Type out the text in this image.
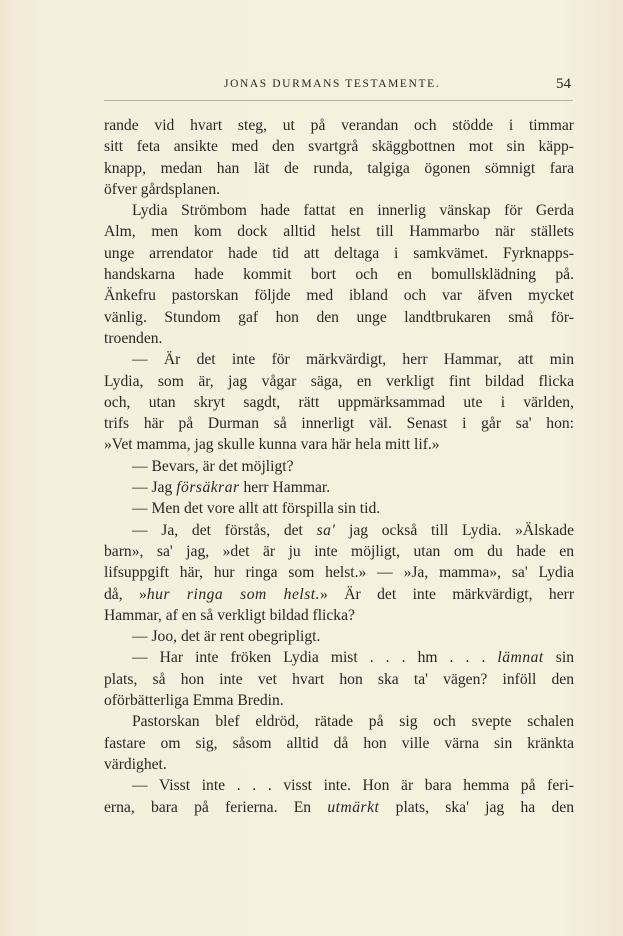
JONAS DURMANS TESTAMENTE.	54
rande vid hvart steg, ut på verandan och stödde i timmar
sitt feta ansikte med den svartgrå skäggbottnen mot sin käpp-
knapp, medan han lät de runda, talgiga ögonen sömnigt fara
öfver gårdsplanen.
Lydia Strömbom hade fattat en innerlig vänskap för Gerda
Alm, men kom dock alltid helst till Hammarbo när ställets
unge arrendator hade tid att deltaga i samkvämet. Fyrknapps-
handskarna hade kommit bort och en bomullsklädning på.
Änkefru pastorskan följde med ibland och var äfven mycket
vänlig. Stundom gaf hon den unge landtbrukaren små för-
troenden.
— Är det inte för märkvärdigt, herr Hammar, att min
Lydia, som är, jag vågar säga, en verkligt fint bildad flicka
och, utan skryt sagdt, rätt uppmärksammad ute i världen,
trifs här på Durman så innerligt väl. Senast i går sa' hon:
»Vet mamma, jag skulle kunna vara här hela mitt lif.»
— Bevars, är det möjligt?
— Jag försäkrar herr Hammar.
— Men det vore allt att förspilla sin tid.
— Ja, det förstås, det sa' jag också till Lydia. »Älskade
barn», sa' jag, »det är ju inte möjligt, utan om du hade en
lifsuppgift här, hur ringa som helst.» — »Ja, mamma», sa' Lydia
då, »hur ringa som helst.» Är det inte märkvärdigt, herr
Hammar, af en så verkligt bildad flicka?
— Joo, det är rent obegripligt.
— Har inte fröken Lydia mist . . . hm . . . lämnat sin
plats, så hon inte vet hvart hon ska ta' vägen? inföll den
oförbätterliga Emma Bredin.
Pastorskan blef eldröd, rätade på sig och svepte schalen
fastare om sig, såsom alltid då hon ville värna sin kränkta
värdighet.
— Visst inte . . . visst inte. Hon är bara hemma på feri-
erna, bara på ferierna. En utmärkt plats, ska' jag ha den
